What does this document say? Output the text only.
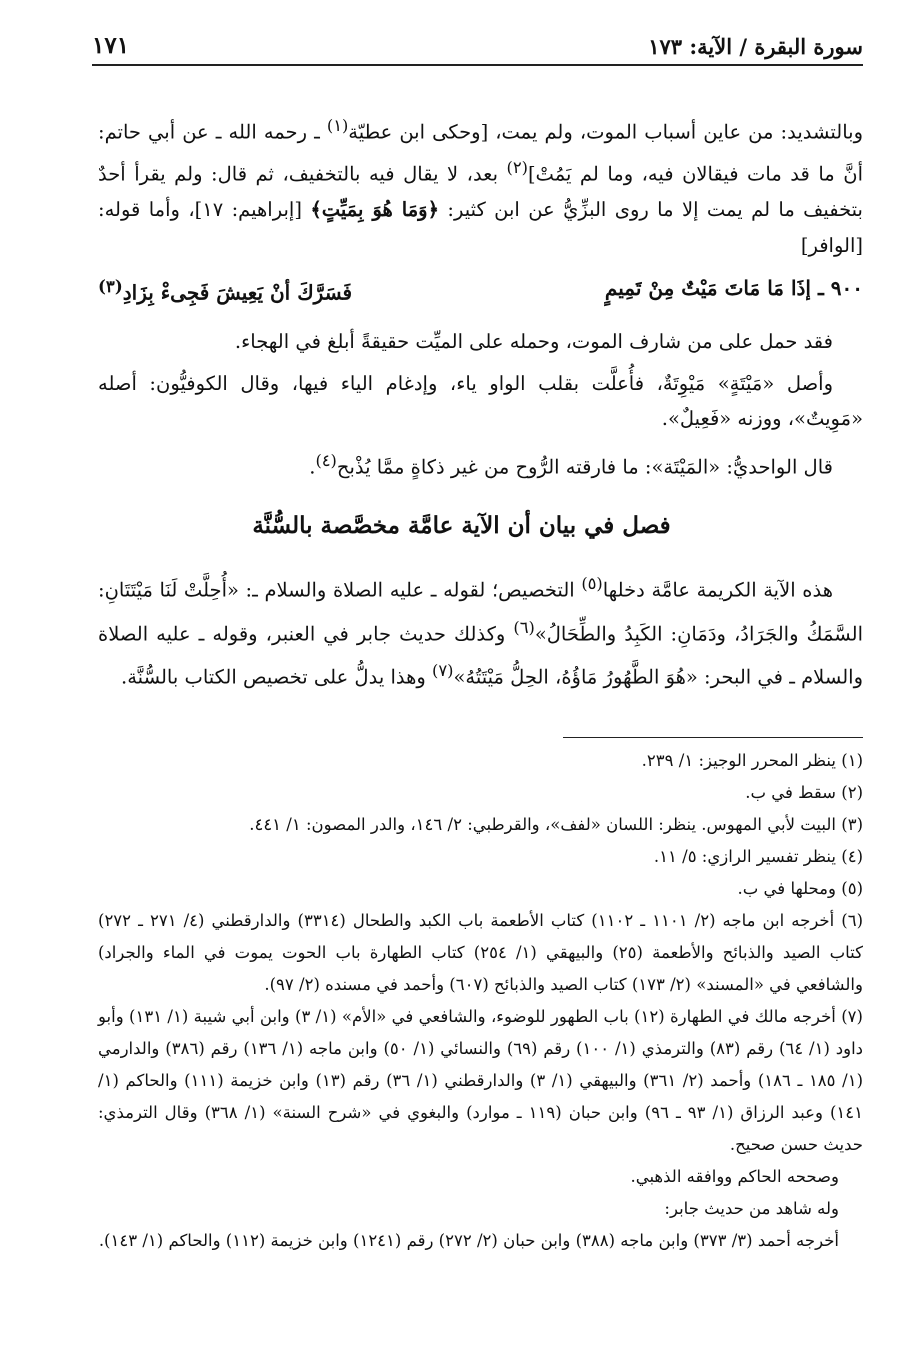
سورة البقرة / الآية: ١٧٣
١٧١

وبالتشديد: من عاين أسباب الموت، ولم يمت، [وحكى ابن عطيّة$^{(١)}$ ـ رحمه الله ـ عن أبي حاتم: أنَّ ما قد مات فيقالان فيه، وما لم يَمُتْ]$^{(٢)}$ بعد، لا يقال فيه بالتخفيف، ثم قال: ولم يقرأ أحدٌ بتخفيف ما لم يمت إلا ما روى البزِّيُّ عن ابن كثير: ﴿وَمَا هُوَ بِمَيِّتٍ﴾ [إبراهيم: ١٧]، وأما قوله: [الوافر]

٩٠٠ ـ إذَا مَا مَاتَ مَيْتٌ مِنْ تَمِيمٍ
فَسَرَّكَ أنْ يَعِيشَ فَجِىءْ بِزَادِ$^{(٣)}$

فقد حمل على من شارف الموت، وحمله على الميِّت حقيقةً أبلغ في الهجاء.

وأصل «مَيْتَةٍ» مَيْوِتَةٌ، فأُعلَّت بقلب الواو ياء، وإدغام الياء فيها، وقال الكوفيُّون: أصله «مَوِيتٌ»، ووزنه «فَعِيلٌ».

قال الواحديُّ: «المَيْتَة»: ما فارقته الرُّوح من غير ذكاةٍ ممَّا يُذْبح$^{(٤)}$.

فصل في بيان أن الآية عامَّة مخصَّصة بالسُّنَّة

هذه الآية الكريمة عامَّة دخلها$^{(٥)}$ التخصيص؛ لقوله ـ عليه الصلاة والسلام ـ: «أُحِلَّتْ لَنَا مَيْتَتَانِ: السَّمَكُ والجَرَادُ، ودَمَانِ: الكَبِدُ والطِّحَالُ»$^{(٦)}$ وكذلك حديث جابر في العنبر، وقوله ـ عليه الصلاة والسلام ـ في البحر: «هُوَ الطَّهُورُ مَاؤُهُ، الحِلُّ مَيْتَتُهُ»$^{(٧)}$ وهذا يدلُّ على تخصيص الكتاب بالسُّنَّة.

(١) ينظر المحرر الوجيز: ١/ ٢٣٩.

(٢) سقط في ب.

(٣) البيت لأبي المهوس. ينظر: اللسان «لفف»، والقرطبي: ٢/ ١٤٦، والدر المصون: ١/ ٤٤١.

(٤) ينظر تفسير الرازي: ٥/ ١١.

(٥) ومحلها في ب.

(٦) أخرجه ابن ماجه (٢/ ١١٠١ ـ ١١٠٢) كتاب الأطعمة باب الكبد والطحال (٣٣١٤) والدارقطني (٤/ ٢٧١ ـ ٢٧٢) كتاب الصيد والذبائح والأطعمة (٢٥) والبيهقي (١/ ٢٥٤) كتاب الطهارة باب الحوت يموت في الماء والجراد) والشافعي في «المسند» (٢/ ١٧٣) كتاب الصيد والذبائح (٦٠٧) وأحمد في مسنده (٢/ ٩٧).

(٧) أخرجه مالك في الطهارة (١٢) باب الطهور للوضوء، والشافعي في «الأم» (١/ ٣) وابن أبي شيبة (١/ ١٣١) وأبو داود (١/ ٦٤) رقم (٨٣) والترمذي (١/ ١٠٠) رقم (٦٩) والنسائي (١/ ٥٠) وابن ماجه (١/ ١٣٦) رقم (٣٨٦) والدارمي (١/ ١٨٥ ـ ١٨٦) وأحمد (٢/ ٣٦١) والبيهقي (١/ ٣) والدارقطني (١/ ٣٦) رقم (١٣) وابن خزيمة (١١١) والحاكم (١/ ١٤١) وعبد الرزاق (١/ ٩٣ ـ ٩٦) وابن حبان (١١٩ ـ موارد) والبغوي في «شرح السنة» (١/ ٣٦٨) وقال الترمذي: حديث حسن صحيح.

وصححه الحاكم ووافقه الذهبي.

وله شاهد من حديث جابر:

أخرجه أحمد (٣/ ٣٧٣) وابن ماجه (٣٨٨) وابن حبان (٢/ ٢٧٢) رقم (١٢٤١) وابن خزيمة (١١٢) والحاكم (١/ ١٤٣).
